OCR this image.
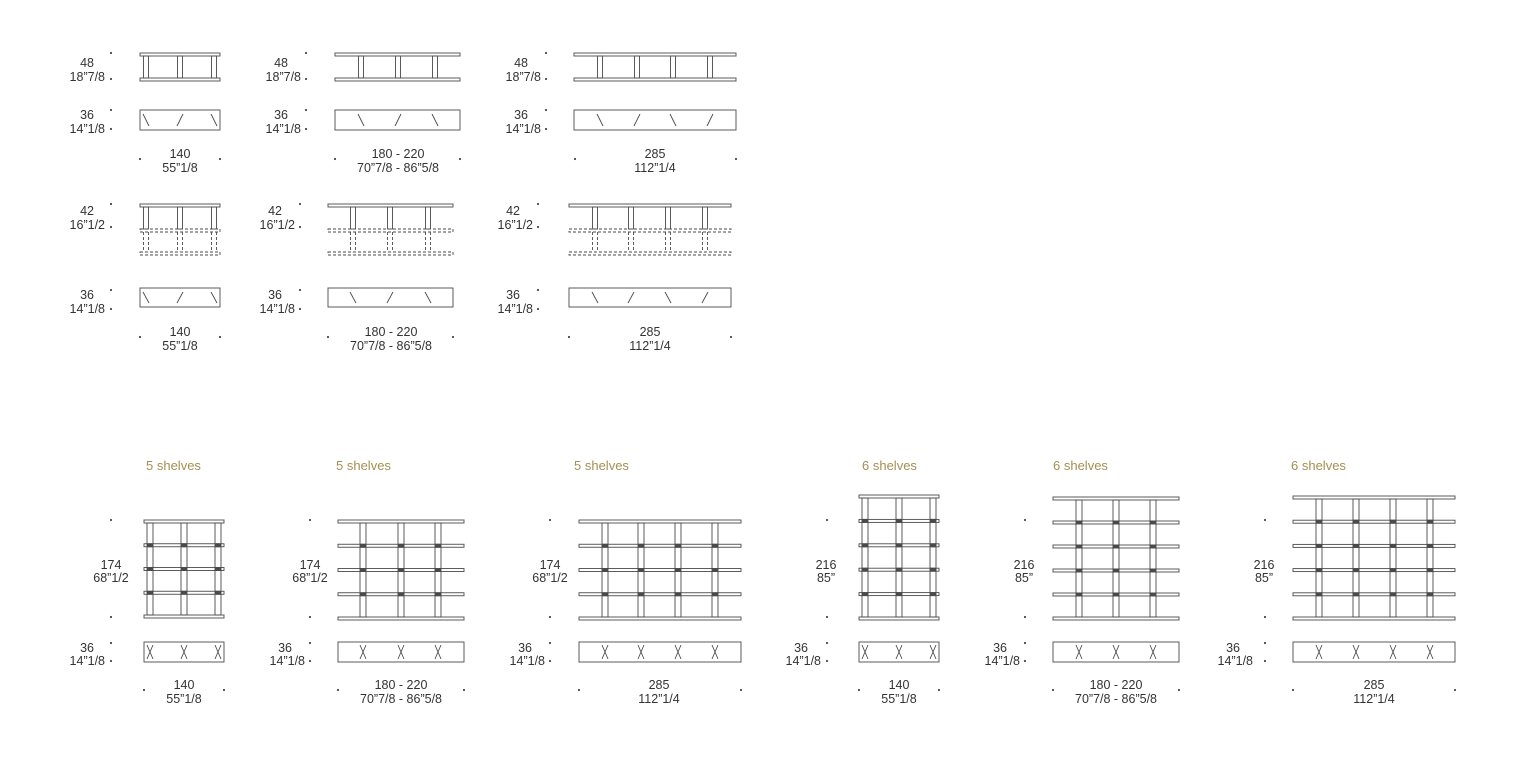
5 shelves	5 shelves	5 shelves	6 shelves	6 shelves	6 shelves
48
18”7/8
48
18”7/8
48
18”7/8
36
14”1/8
36
14”1/8
36
14”1/8
140
55”1/8
180 - 220
70”7/8 - 86”5/8
285
112”1/4
42
16”1/2
42
16”1/2
42
16”1/2
36
14”1/8
36
14”1/8
36
14”1/8
140
55”1/8
180 - 220
70”7/8 - 86”5/8
285
112”1/4
174
68”1/2
174
68”1/2
174
68”1/2
216
85”
216
85”
216
85”
36
14”1/8
36
14”1/8
36
14”1/8
36
14”1/8
36
14”1/8
36
14”1/8
140
55”1/8
180 - 220
70”7/8 - 86”5/8
285
112”1/4
140
55”1/8
180 - 220
70”7/8 - 86”5/8
285
112”1/4
